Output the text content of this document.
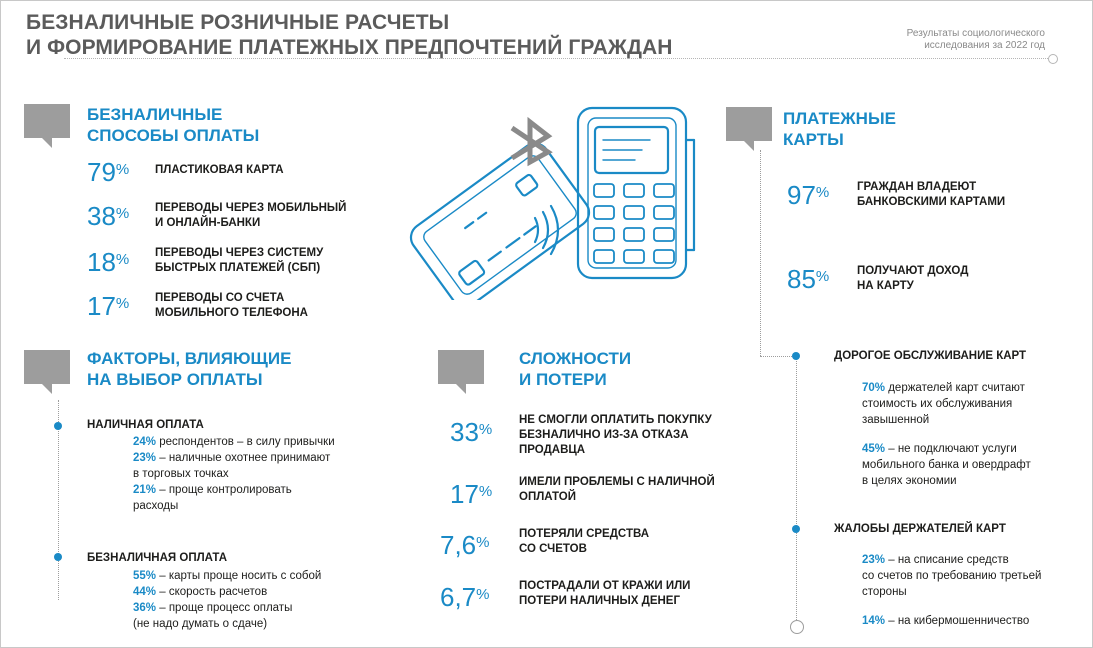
БЕЗНАЛИЧНЫЕ РОЗНИЧНЫЕ РАСЧЕТЫ
И ФОРМИРОВАНИЕ ПЛАТЕЖНЫХ ПРЕДПОЧТЕНИЙ ГРАЖДАН
Результаты социологического
исследования за 2022 год
БЕЗНАЛИЧНЫЕ
СПОСОБЫ ОПЛАТЫ
79% ПЛАСТИКОВАЯ КАРТА
38% ПЕРЕВОДЫ ЧЕРЕЗ МОБИЛЬНЫЙ
И ОНЛАЙН-БАНКИ
18% ПЕРЕВОДЫ ЧЕРЕЗ СИСТЕМУ
БЫСТРЫХ ПЛАТЕЖЕЙ (СБП)
17% ПЕРЕВОДЫ СО СЧЕТА
МОБИЛЬНОГО ТЕЛЕФОНА
ФАКТОРЫ, ВЛИЯЮЩИЕ
НА ВЫБОР ОПЛАТЫ
НАЛИЧНАЯ ОПЛАТА
24% респондентов – в силу привычки
23% – наличные охотнее принимают
в торговых точках
21% – проще контролировать
расходы
БЕЗНАЛИЧНАЯ ОПЛАТА
55% – карты проще носить с собой
44% – скорость расчетов
36% – проще процесс оплаты
(не надо думать о сдаче)
СЛОЖНОСТИ
И ПОТЕРИ
33%
НЕ СМОГЛИ ОПЛАТИТЬ ПОКУПКУ
БЕЗНАЛИЧНО ИЗ-ЗА ОТКАЗА
ПРОДАВЦА
17%
ИМЕЛИ ПРОБЛЕМЫ С НАЛИЧНОЙ
ОПЛАТОЙ
7,6%	ПОТЕРЯЛИ СРЕДСТВА
СО СЧЕТОВ
6,7%	ПОСТРАДАЛИ ОТ КРАЖИ ИЛИ
ПОТЕРИ НАЛИЧНЫХ ДЕНЕГ
ПЛАТЕЖНЫЕ
КАРТЫ
97% ГРАЖДАН ВЛАДЕЮТ
БАНКОВСКИМИ КАРТАМИ
85% ПОЛУЧАЮТ ДОХОД
НА КАРТУ
ДОРОГОЕ ОБСЛУЖИВАНИЕ КАРТ
70% держателей карт считают
стоимость их обслуживания
завышенной
45% – не подключают услуги
мобильного банка и овердрафт
в целях экономии
ЖАЛОБЫ ДЕРЖАТЕЛЕЙ КАРТ
23% – на списание средств
со счетов по требованию третьей
стороны
14% – на кибермошенничество
